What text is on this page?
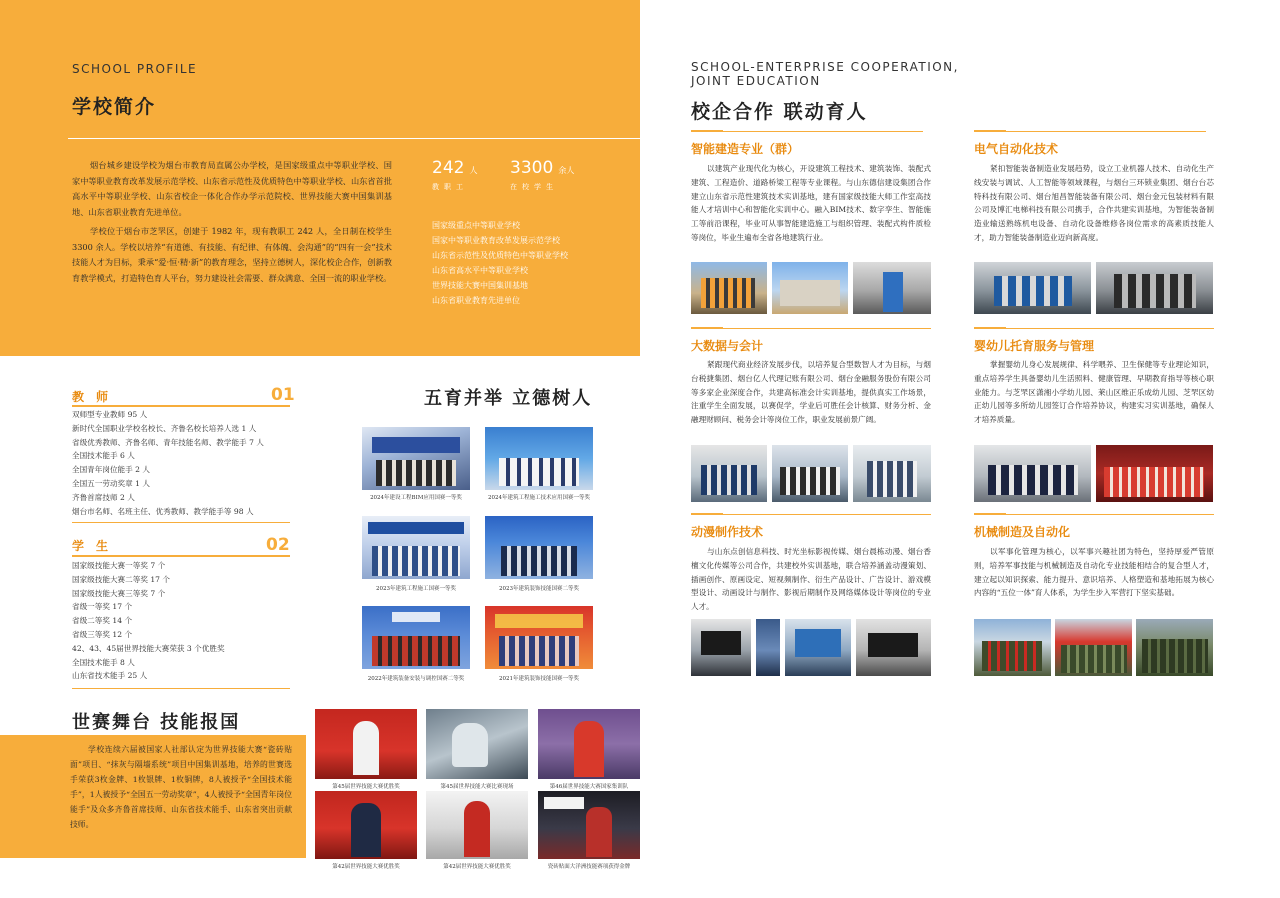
SCHOOL PROFILE
学校简介
烟台城乡建设学校为烟台市教育局直属公办学校，是国家级重点中等职业学校、国家中等职业教育改革发展示范学校、山东省示范性及优质特色中等职业学校、山东省首批高水平中等职业学校、山东省校企一体化合作办学示范院校、世界技能大赛中国集训基地、山东省职业教育先进单位。
学校位于烟台市芝罘区，创建于 1982 年，现有教职工 242 人，全日制在校学生 3300 余人。学校以培养“有道德、有技能、有纪律、有体魄、会沟通”的“四有一会”技术技能人才为目标，秉承“爱·恒·精·新”的教育理念，坚持立德树人，深化校企合作，创新教育教学模式，打造特色育人平台，努力建设社会需要、群众满意、全国一流的职业学校。
242 人
教职工
3300 余人
在校学生
国家级重点中等职业学校
国家中等职业教育改革发展示范学校
山东省示范性及优质特色中等职业学校
山东省高水平中等职业学校
世界技能大赛中国集训基地
山东省职业教育先进单位
教　师	01
双师型专业教师 95 人
新时代全国职业学校名校长、齐鲁名校长培养人选 1 人
省级优秀教师、齐鲁名师、青年技能名师、教学能手 7 人
全国技术能手 6 人
全国青年岗位能手 2 人
全国五一劳动奖章 1 人
齐鲁首席技师 2 人
烟台市名师、名班主任、优秀教师、教学能手等 98 人
学　生	02
国家级技能大赛一等奖 7 个
国家级技能大赛二等奖 17 个
国家级技能大赛三等奖 7 个
省级一等奖 17 个
省级二等奖 14 个
省级三等奖 12 个
42、43、45届世界技能大赛荣获 3 个优胜奖
全国技术能手 8 人
山东省技术能手 25 人
五育并举 立德树人
2024年建设工程BIM应用国赛一等奖	2024年建筑工程施工技术应用国赛一等奖
2023年建筑工程施工国赛一等奖	2023年建筑装饰技能国赛二等奖
2022年建筑装备安装与调控国赛二等奖	2021年建筑装饰技能国赛一等奖
世赛舞台 技能报国
学校连续六届被国家人社部认定为世界技能大赛“瓷砖贴面”项目、“抹灰与隔墙系统”项目中国集训基地，培养的世赛选手荣获3枚金牌、1枚银牌、1枚铜牌，8人被授予“全国技术能手”，1人被授予“全国五一劳动奖章”，4人被授予“全国青年岗位能手”及众多齐鲁首席技师、山东省技术能手、山东省突出贡献技师。
第45届世界技能大赛优胜奖	第45届世界技能大赛比赛现场	第46届世界技能大赛国家集训队
第42届世界技能大赛优胜奖	第42届世界技能大赛优胜奖	瓷砖贴面大洋洲技能赛项获得金牌
SCHOOL-ENTERPRISE COOPERATION,
JOINT EDUCATION
校企合作 联动育人
智能建造专业（群）
以建筑产业现代化为核心，开设建筑工程技术、建筑装饰、装配式建筑、工程造价、道路桥梁工程等专业课程。与山东德信建设集团合作建立山东省示范性建筑技术实训基地，建有国家级技能大师工作室高技能人才培训中心和智能化实训中心。融入BIM技术、数字孪生、智能施工等前沿课程，毕业可从事智能建造施工与组织管理、装配式构件质检等岗位，毕业生遍布全省各地建筑行业。
电气自动化技术
紧扣智能装备制造业发展趋势，设立工业机器人技术、自动化生产线安装与调试、人工智能等领域课程，与烟台三环锁业集团、烟台台芯特科技有限公司、烟台旭昌智能装备有限公司、烟台金元包装材料有限公司及博汇电梯科技有限公司携手，合作共建实训基地，为智能装备制造业输送熟练机电设备、自动化设备维修各岗位需求的高素质技能人才，助力智能装备制造业迈向新高度。
大数据与会计
紧跟现代商业经济发展步伐，以培养复合型数智人才为目标，与烟台税捷集团、烟台亿人代理记账有限公司、烟台金融服务股份有限公司等多家企业深度合作，共建高标准会计实训基地，提供真实工作场景，注重学生全面发展，以赛促学，学业后可胜任会计核算、财务分析、金融理财顾问、税务会计等岗位工作，职业发展前景广阔。
婴幼儿托育服务与管理
掌握婴幼儿身心发展规律、科学喂养、卫生保健等专业理论知识，重点培养学生具备婴幼儿生活照料、健康管理、早期教育指导等核心职业能力。与芝罘区潇湘小学幼儿园、莱山区维正乐成幼儿园、芝罘区幼正幼儿园等多所幼儿园签订合作培养协议，构建实习实训基地，确保人才培养质量。
动漫制作技术
与山东点创信息科技、时光坐标影视传媒、烟台晨栋动漫、烟台香檀文化传媒等公司合作，共建校外实训基地，联合培养涵盖动漫策划、插画创作、原画设定、短视频制作、衍生产品设计、广告设计、游戏模型设计、动画设计与制作、影视后期制作及网络媒体设计等岗位的专业人才。
机械制造及自动化
以军事化管理为核心，以军事兴趣社团为特色，坚持厚爱严管原则，培养军事技能与机械制造及自动化专业技能相结合的复合型人才，建立起以知识探索、能力提升、意识培养、人格塑造和基地拓展为核心内容的“五位一体”育人体系，为学生步入军营打下坚实基础。
